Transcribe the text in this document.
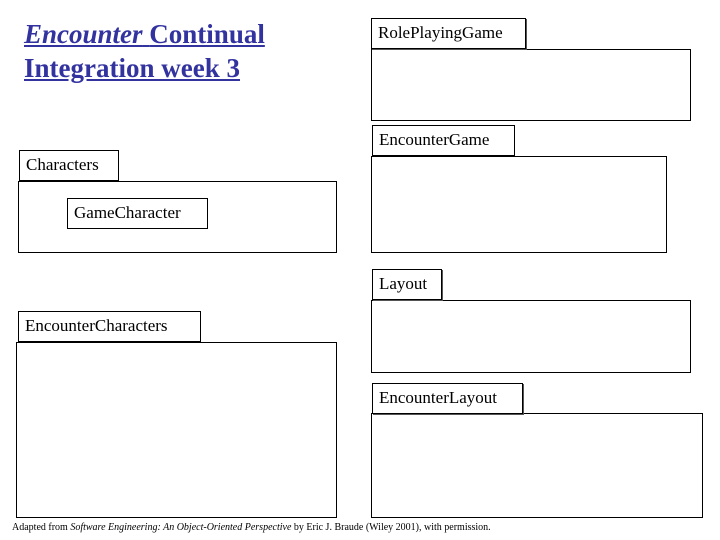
Encounter Continual
Integration week 3
RolePlayingGame
EncounterGame
Characters
GameCharacter
Layout
EncounterCharacters
EncounterLayout
Adapted from Software Engineering: An Object-Oriented Perspective by Eric J. Braude (Wiley 2001), with permission.
